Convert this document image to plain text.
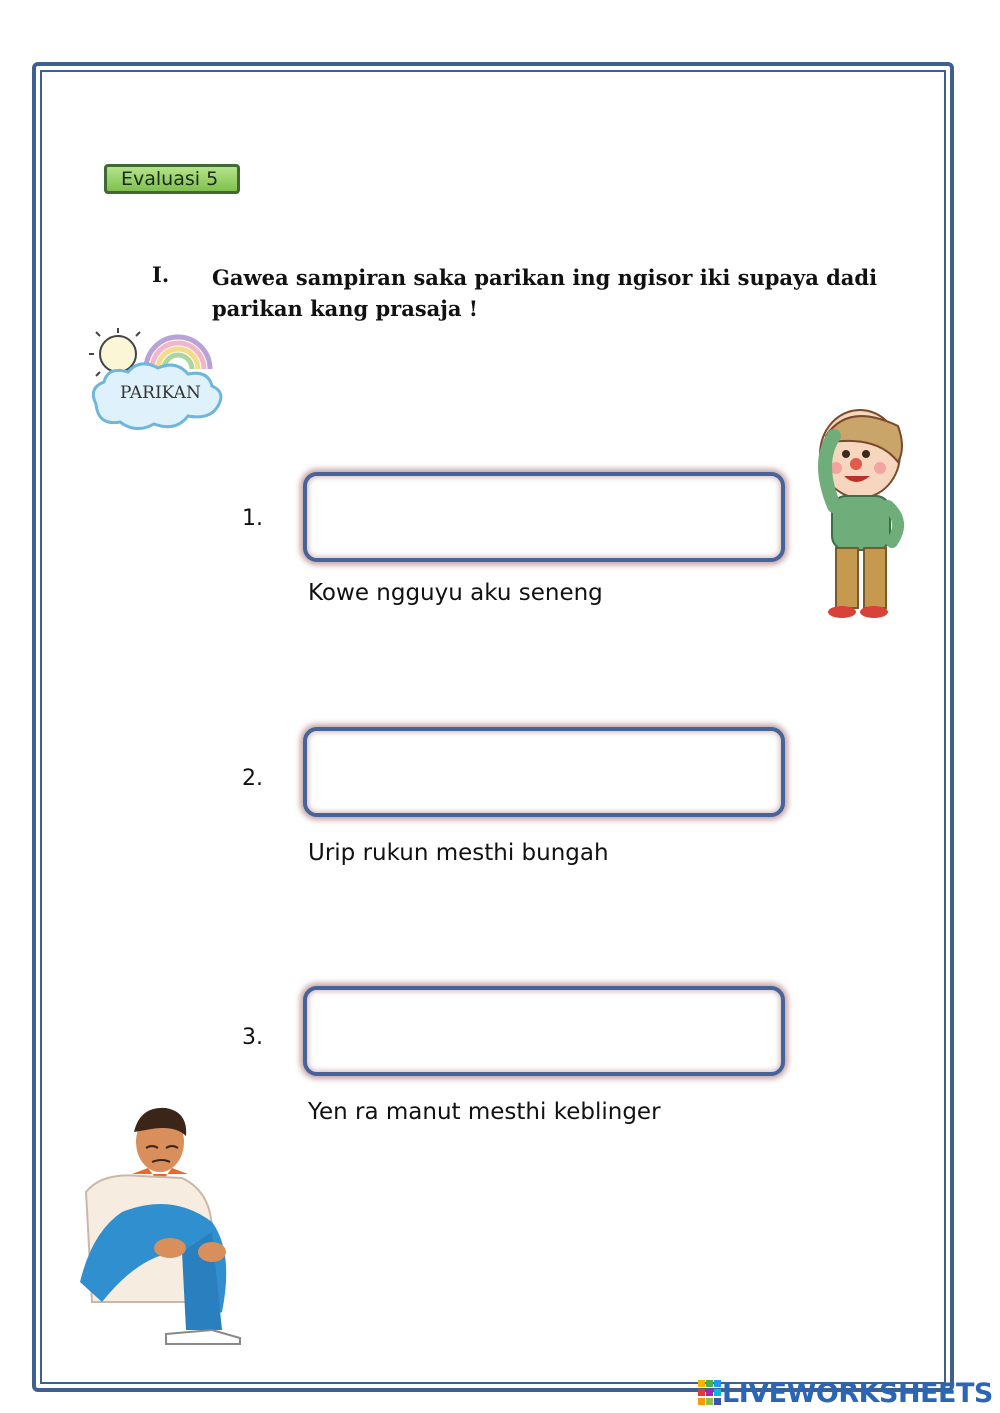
Evaluasi 5
I. Gawea sampiran saka parikan ing ngisor iki supaya dadi parikan kang prasaja !
PARIKAN
1.
Kowe ngguyu aku seneng
2.
Urip rukun mesthi bungah
3.
Yen ra manut mesthi keblinger
LIVEWORKSHEETS
